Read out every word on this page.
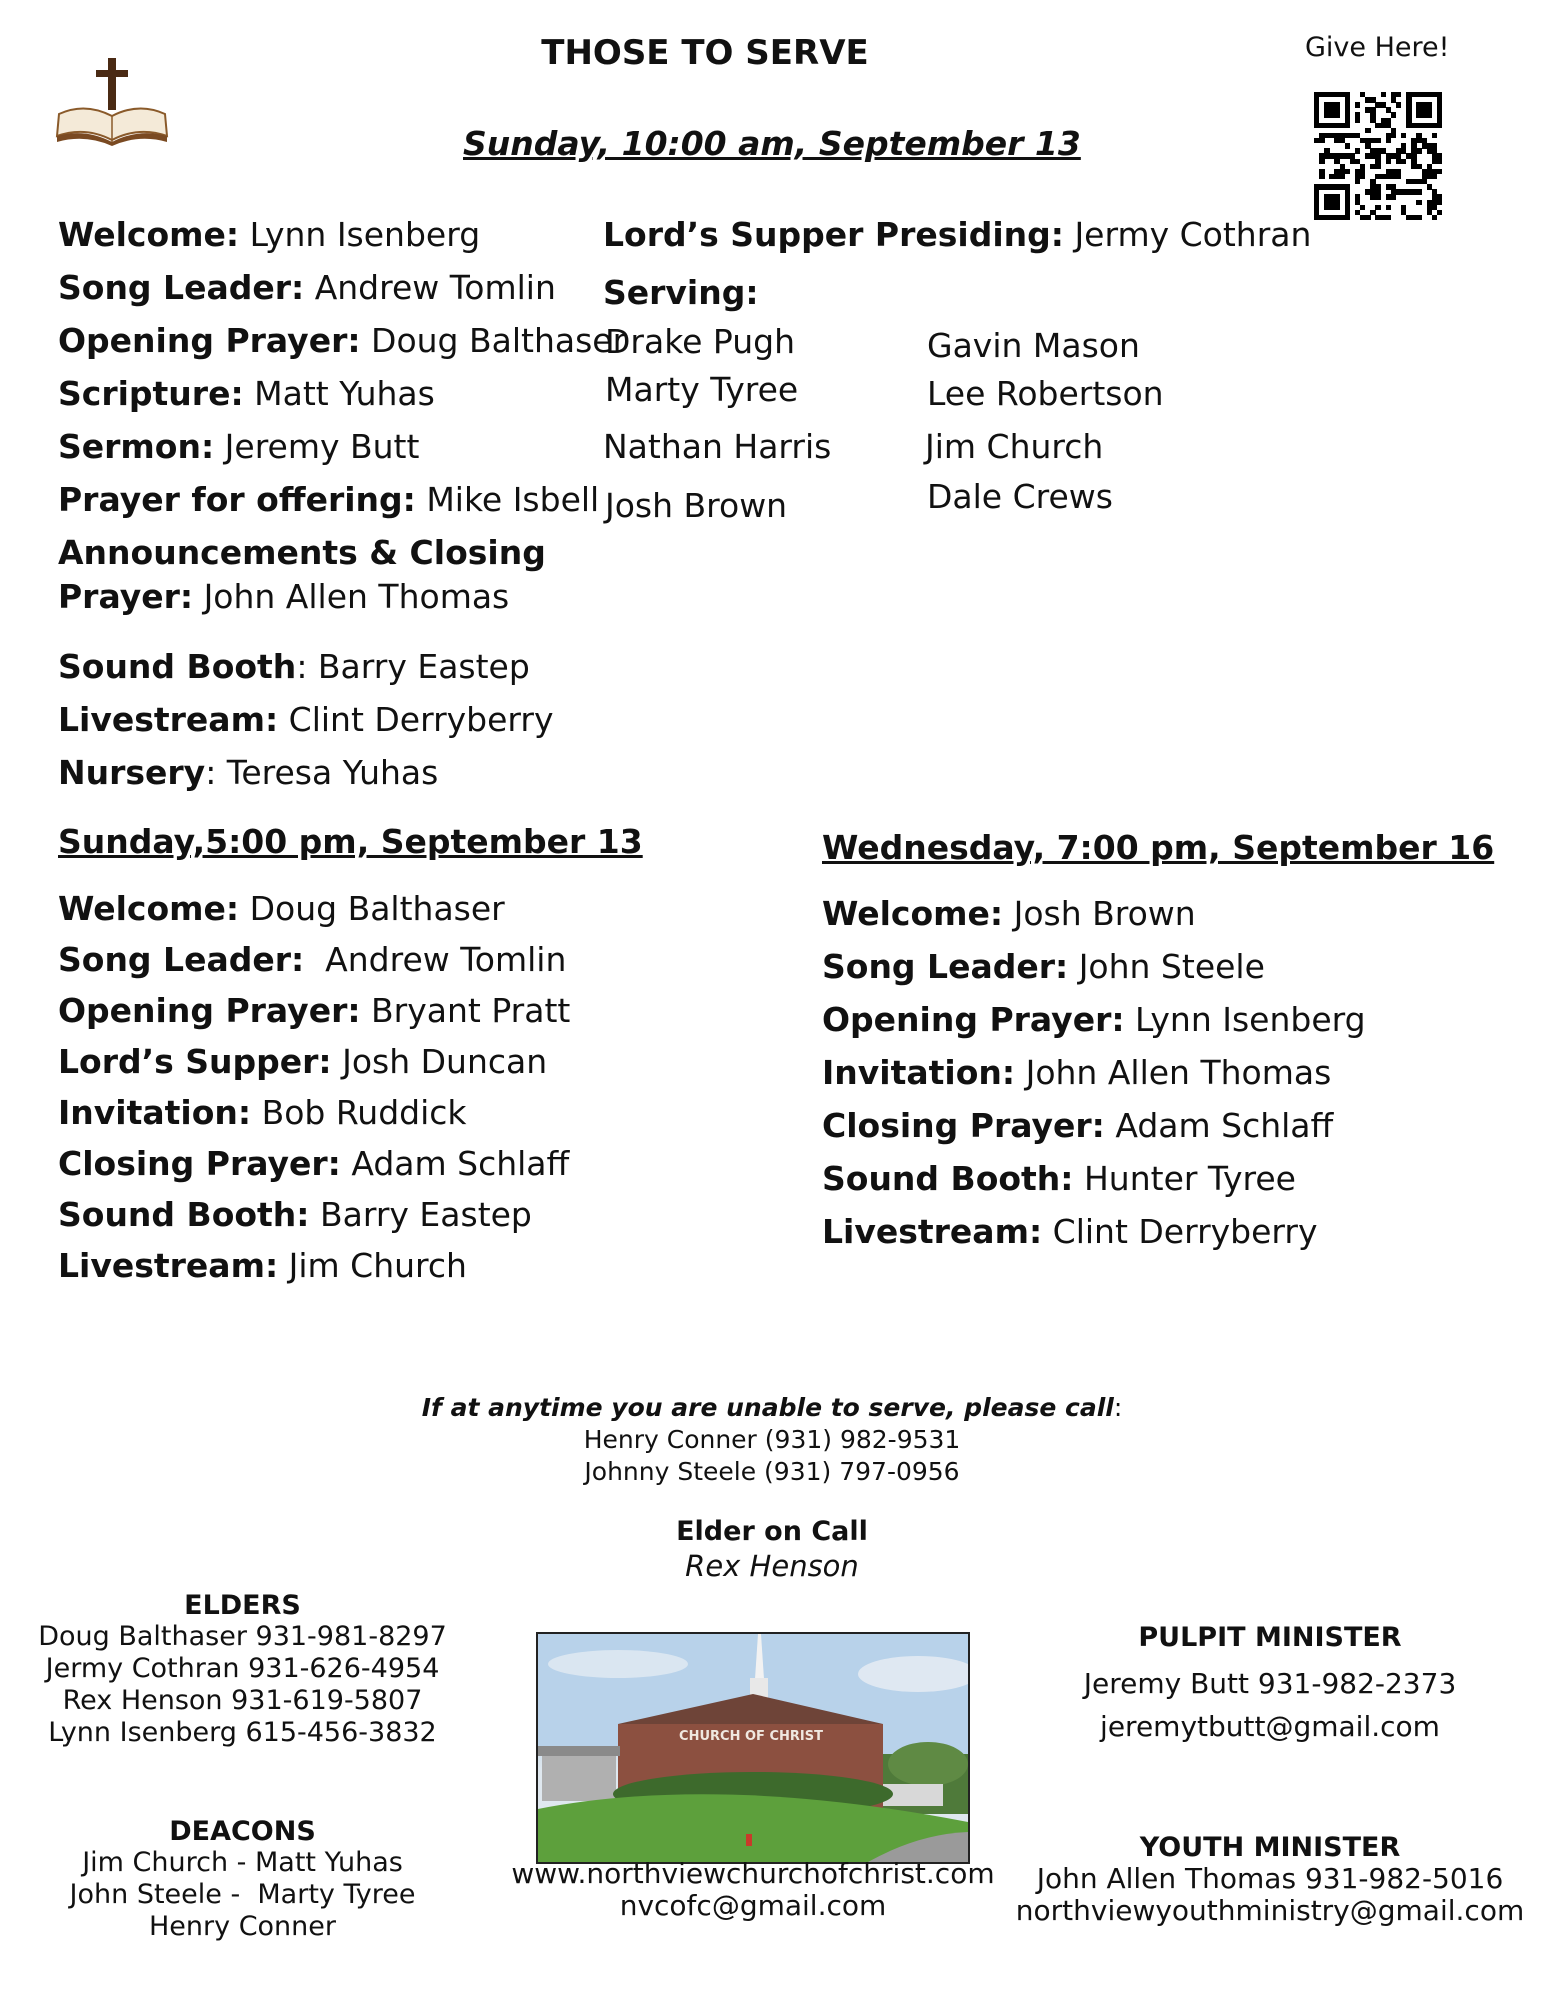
THOSE TO SERVE	Give Here!
Sunday, 10:00 am, September 13
Welcome: Lynn Isenberg
Song Leader: Andrew Tomlin
Opening Prayer: Doug Balthaser
Scripture: Matt Yuhas
Sermon: Jeremy Butt
Prayer for offering: Mike Isbell
Announcements & Closing
Prayer: John Allen Thomas
Sound Booth: Barry Eastep
Livestream: Clint Derryberry
Nursery: Teresa Yuhas
Lord’s Supper Presiding: Jermy Cothran
Serving:
Drake Pugh
Marty Tyree
Nathan Harris
Josh Brown
Gavin Mason
Lee Robertson
Jim Church
Dale Crews
Sunday,5:00 pm, September 13
Welcome: Doug Balthaser
Song Leader:  Andrew Tomlin
Opening Prayer: Bryant Pratt
Lord’s Supper: Josh Duncan
Invitation: Bob Ruddick
Closing Prayer: Adam Schlaff
Sound Booth: Barry Eastep
Livestream: Jim Church
Wednesday, 7:00 pm, September 16
Welcome: Josh Brown
Song Leader: John Steele
Opening Prayer: Lynn Isenberg
Invitation: John Allen Thomas
Closing Prayer: Adam Schlaff
Sound Booth: Hunter Tyree
Livestream: Clint Derryberry
If at anytime you are unable to serve, please call:
Henry Conner (931) 982-9531
Johnny Steele (931) 797-0956
Elder on Call
Rex Henson
ELDERS
Doug Balthaser 931-981-8297
Jermy Cothran 931-626-4954
Rex Henson 931-619-5807
Lynn Isenberg 615-456-3832
DEACONS
Jim Church - Matt Yuhas
John Steele -  Marty Tyree
Henry Conner
CHURCH OF CHRIST
www.northviewchurchofchrist.com
nvcofc@gmail.com
PULPIT MINISTER
Jeremy Butt 931-982-2373
jeremytbutt@gmail.com
YOUTH MINISTER
John Allen Thomas 931-982-5016
northviewyouthministry@gmail.com
